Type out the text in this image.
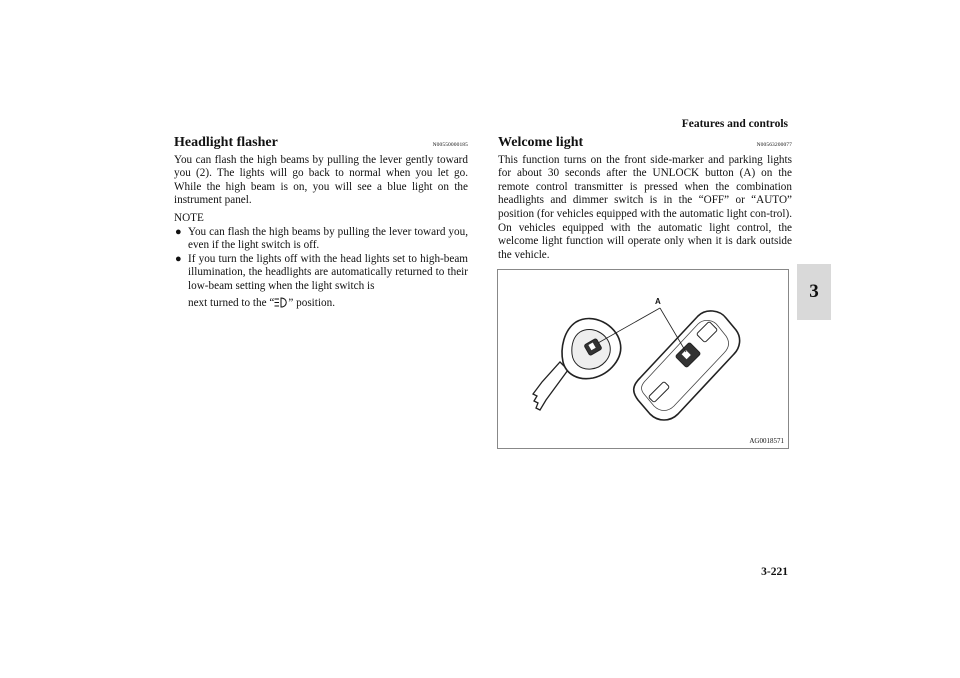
Features and controls
3
Headlight flasher	N00550000185

You can flash the high beams by pulling the lever gently toward you (2). The lights will go back to normal when you let go. While the high beam is on, you will see a blue light on the instrument panel.

NOTE
● You can flash the high beams by pulling the lever toward you, even if the light switch is off.
● If you turn the lights off with the head lights set to high-beam illumination, the headlights are automatically returned to their low-beam setting when the light switch is
next turned to the “ ” position.
Welcome light	N00563200077

This function turns on the front side-marker and parking lights for about 30 seconds after the UNLOCK button (A) on the remote control transmitter is pressed when the combination headlights and dimmer switch is in the “OFF” or “AUTO” position (for vehicles equipped with the automatic light con-trol). On vehicles equipped with the automatic light control, the welcome light function will operate only when it is dark outside the vehicle.

A
AG0018571
3-221
